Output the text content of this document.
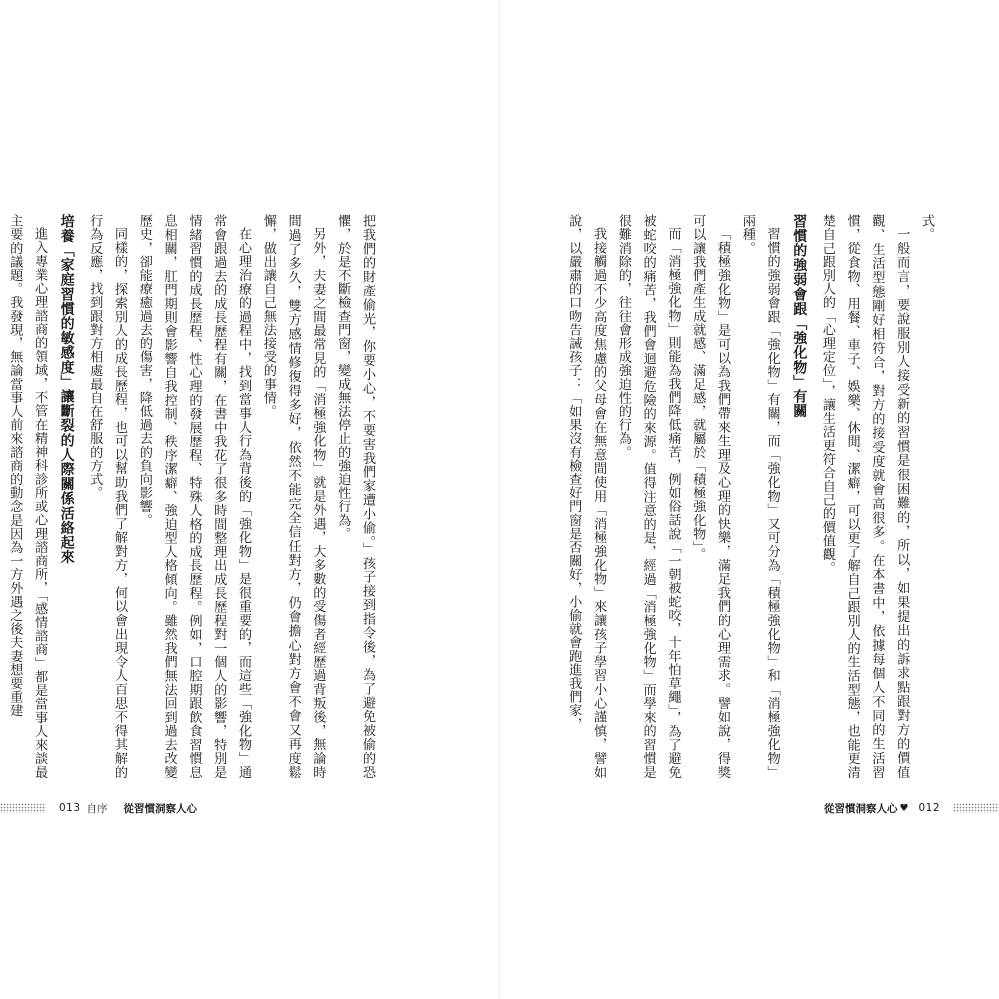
把我們的財產偷光，你要小心，不要害我們家遭小偷。」孩子接到指令後，為了避免被偷的恐懼，於是不斷檢查門窗，變成無法停止的強迫性行為。

另外，夫妻之間最常見的「消極強化物」就是外遇，大多數的受傷者經歷過背叛後，無論時間過了多久，雙方感情修復得多好，依然不能完全信任對方，仍會擔心對方會不會又再度鬆懈，做出讓自己無法接受的事情。

在心理治療的過程中，找到當事人行為背後的「強化物」是很重要的，而這些「強化物」通常會跟過去的成長歷程有關，在書中我花了很多時間整理出成長歷程對一個人的影響，特別是情緒習慣的成長歷程、性心理的發展歷程、特殊人格的成長歷程。例如，口腔期跟飲食習慣息息相關，肛門期則會影響自我控制、秩序潔癖、強迫型人格傾向。雖然我們無法回到過去改變歷史，卻能療癒過去的傷害，降低過去的負向影響。

同樣的，探索別人的成長歷程，也可以幫助我們了解對方，何以會出現令人百思不得其解的行為反應，找到跟對方相處最自在舒服的方式。

培養「家庭習慣的敏感度」讓斷裂的人際關係活絡起來

進入專業心理諮商的領域，不管在精神科診所或心理諮商所，「感情諮商」都是當事人來談最主要的議題。我發現，無論當事人前來諮商的動念是因為一方外遇之後夫妻想要重建

013 自序 從習慣洞察人心

式。

一般而言，要說服別人接受新的習慣是很困難的，所以，如果提出的訴求點跟對方的價值觀、生活型態剛好相符合，對方的接受度就會高很多。在本書中，依據每個人不同的生活習慣，從食物、用餐、車子、娛樂、休閒、潔癖，可以更了解自己跟別人的生活型態，也能更清楚自己跟別人的「心理定位」，讓生活更符合自己的價值觀。

習慣的強弱會跟「強化物」有關

習慣的強弱會跟「強化物」有關，而「強化物」又可分為「積極強化物」和「消極強化物」兩種。

「積極強化物」是可以為我們帶來生理及心理的快樂，滿足我們的心理需求。譬如說，得獎可以讓我們產生成就感、滿足感，就屬於「積極強化物」。

而「消極強化物」則能為我們降低痛苦，例如俗話說「一朝被蛇咬，十年怕草繩」，為了避免被蛇咬的痛苦，我們會迴避危險的來源。值得注意的是，經過「消極強化物」而學來的習慣是很難消除的，往往會形成強迫性的行為。

我接觸過不少高度焦慮的父母會在無意間使用「消極強化物」來讓孩子學習小心謹慎，譬如說，以嚴肅的口吻告誡孩子：「如果沒有檢查好門窗是否關好，小偷就會跑進我們家，

從習慣洞察人心 ♥ 012
